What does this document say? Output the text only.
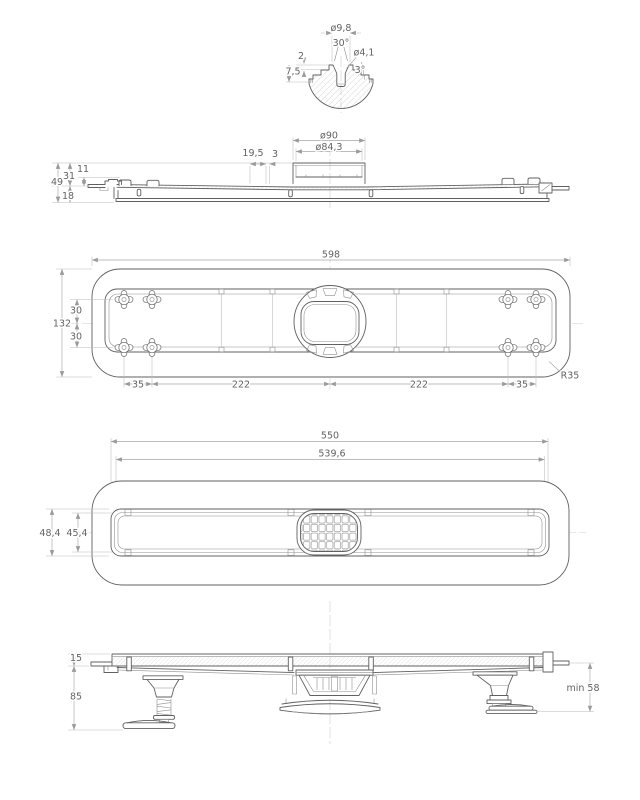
ø9,8
30°
ø4,1
2
7,5	3°
49
31
18
11
19,5 3
ø90
ø84,3
598
132
30
30
35	222	222	35
R35
550
539,6
48,4 45,4
15
85
min 58
